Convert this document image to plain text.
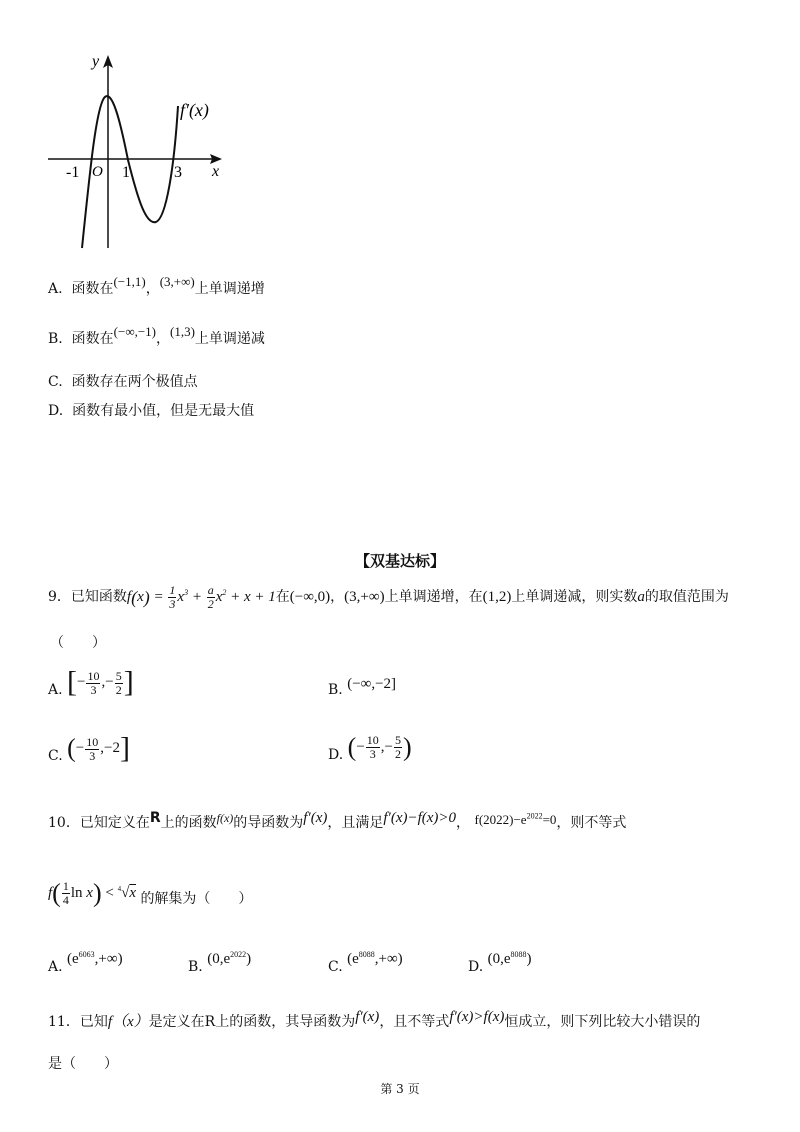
y
x
f′(x)
O
-1	1	3
A. 函数在(−1,1)，(3,+∞)上单调递增
B. 函数在(−∞,−1)，(1,3)上单调递减
C. 函数存在两个极值点
D. 函数有最小值，但是无最大值
【双基达标】
9．已知函数$f(x) = \frac{1}{3} x^3 + \frac{a}{2} x^2 + x + 1$在(−∞,0)，(3,+∞)上单调递增，在(1,2)上单调递减，则实数a的取值范围为
（　　）
A. [− $\frac{10}{3}$ ,− $\frac{5}{2}$ ]	B. (−∞,−2]
C. (− $\frac{10}{3} ,-2$]	D. (− $\frac{10}{3}$ ,− $\frac{5}{2}$ )
10．已知定义在R上的函数f(x)的导函数为f′(x)，且满足f′(x)−f(x)>0， $f(2022)-e^{2022}=0$，则不等式
$f( \frac{1}{4}$ ln x) < $^4$√x 的解集为（　　）
A. $(e^{6063},+\infty)$	B. $(0,e^{2022})$	C. $(e^{8088},+\infty)$	D. $(0,e^{8088})$
11．已知f（x）是定义在R上的函数，其导函数为f′(x)，且不等式f′(x)>f(x)恒成立，则下列比较大小错误的
是（　　）
第 3 页
